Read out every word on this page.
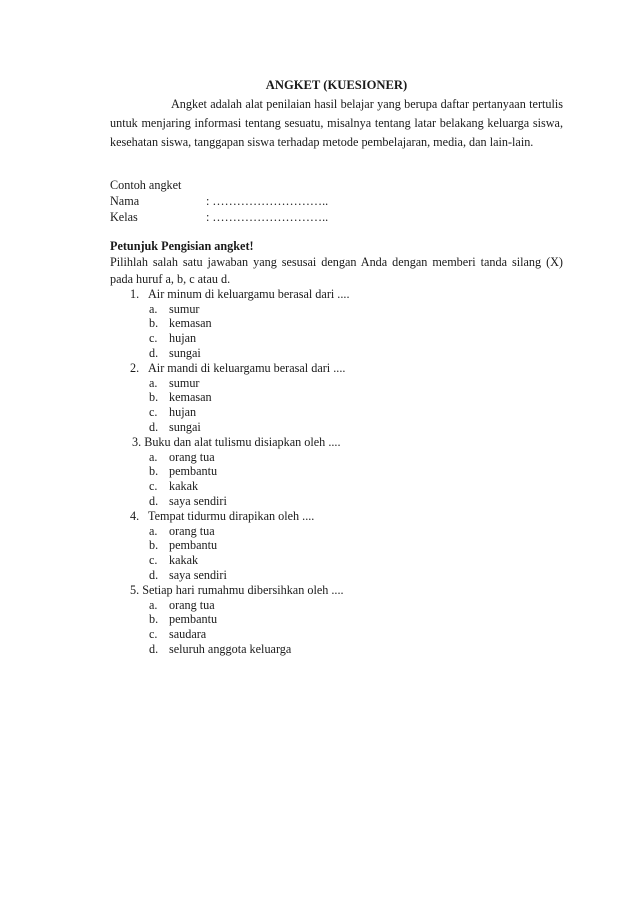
ANGKET (KUESIONER)

Angket adalah alat penilaian hasil belajar yang berupa daftar pertanyaan tertulis untuk menjaring informasi tentang sesuatu, misalnya tentang latar belakang keluarga siswa, kesehatan siswa, tanggapan siswa terhadap metode pembelajaran, media, dan lain-lain.

Contoh angket
Nama	: ………………………..
Kelas	: ………………………..
Petunjuk Pengisian angket!

Pilihlah salah satu jawaban yang sesusai dengan Anda dengan memberi tanda silang (X) pada huruf a, b, c atau d.

1. Air minum di keluargamu berasal dari ....
a. sumur
b. kemasan
c. hujan
d. sungai
2. Air mandi di keluargamu berasal dari ....
a. sumur
b. kemasan
c. hujan
d. sungai
3. Buku dan alat tulismu disiapkan oleh ....
a. orang tua
b. pembantu
c. kakak
d. saya sendiri
4. Tempat tidurmu dirapikan oleh ....
a. orang tua
b. pembantu
c. kakak
d. saya sendiri
5. Setiap hari rumahmu dibersihkan oleh ....
a. orang tua
b. pembantu
c. saudara
d. seluruh anggota keluarga
